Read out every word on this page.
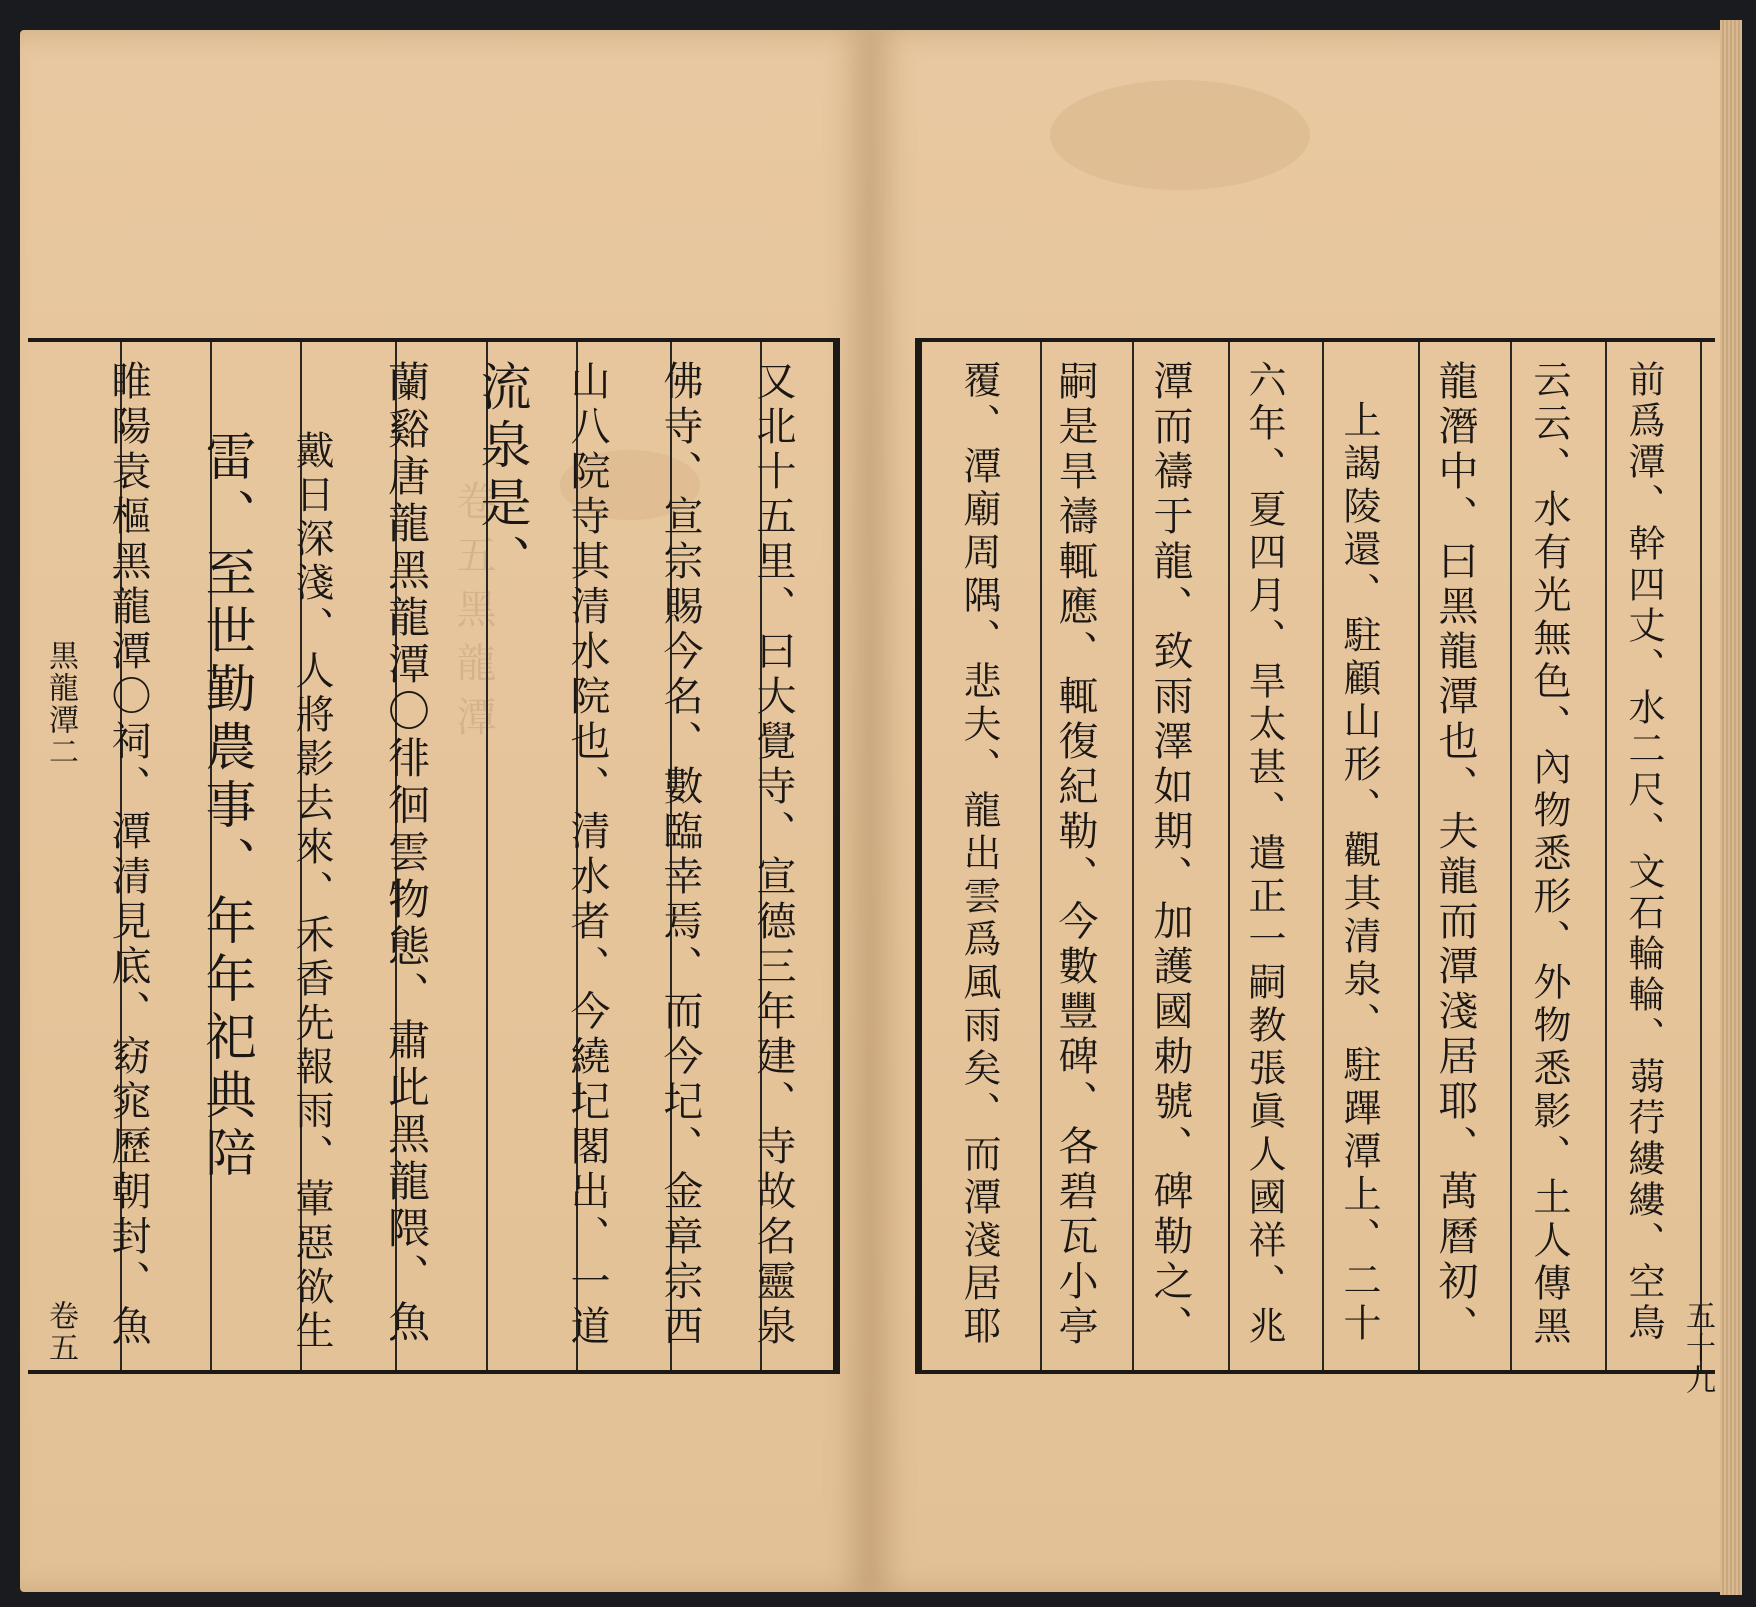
卷五黑龍潭	又北十五里、曰大覺寺、宣德三年建、寺故名靈泉
佛寺、宣宗賜今名、數臨幸焉、而今圮、金章宗西
山八院寺其清水院也、清水者、今繞圮閣出、一道
流泉是、
蘭谿唐龍黑龍潭〇徘徊雲物態、肅此黑龍隈、魚
戴日深淺、人將影去來、禾香先報雨、葷惡欲生
雷、至世勤農事、年年祀典陪
睢陽袁樞黑龍潭〇祠、潭清見底、窈窕歷朝封、魚
黒龍潭二
卷五	前爲潭、幹四丈、水二尺、文石輪輪、蒻荇縷縷、空鳥
云云、水有光無色、內物悉形、外物悉影、土人傳黑
龍潛中、曰黑龍潭也、夫龍而潭淺居耶、萬曆初、
上謁陵還、駐顧山形、觀其清泉、駐蹕潭上、二十
六年、夏四月、旱太甚、遣正一嗣教張眞人國祥、兆
潭而禱于龍、致雨澤如期、加護國勅號、碑勒之、
嗣是旱禱輒應、輒復紀勒、今數豐碑、各碧瓦小亭
覆、潭廟周隅、悲夫、龍出雲爲風雨矣、而潭淺居耶	五十九
